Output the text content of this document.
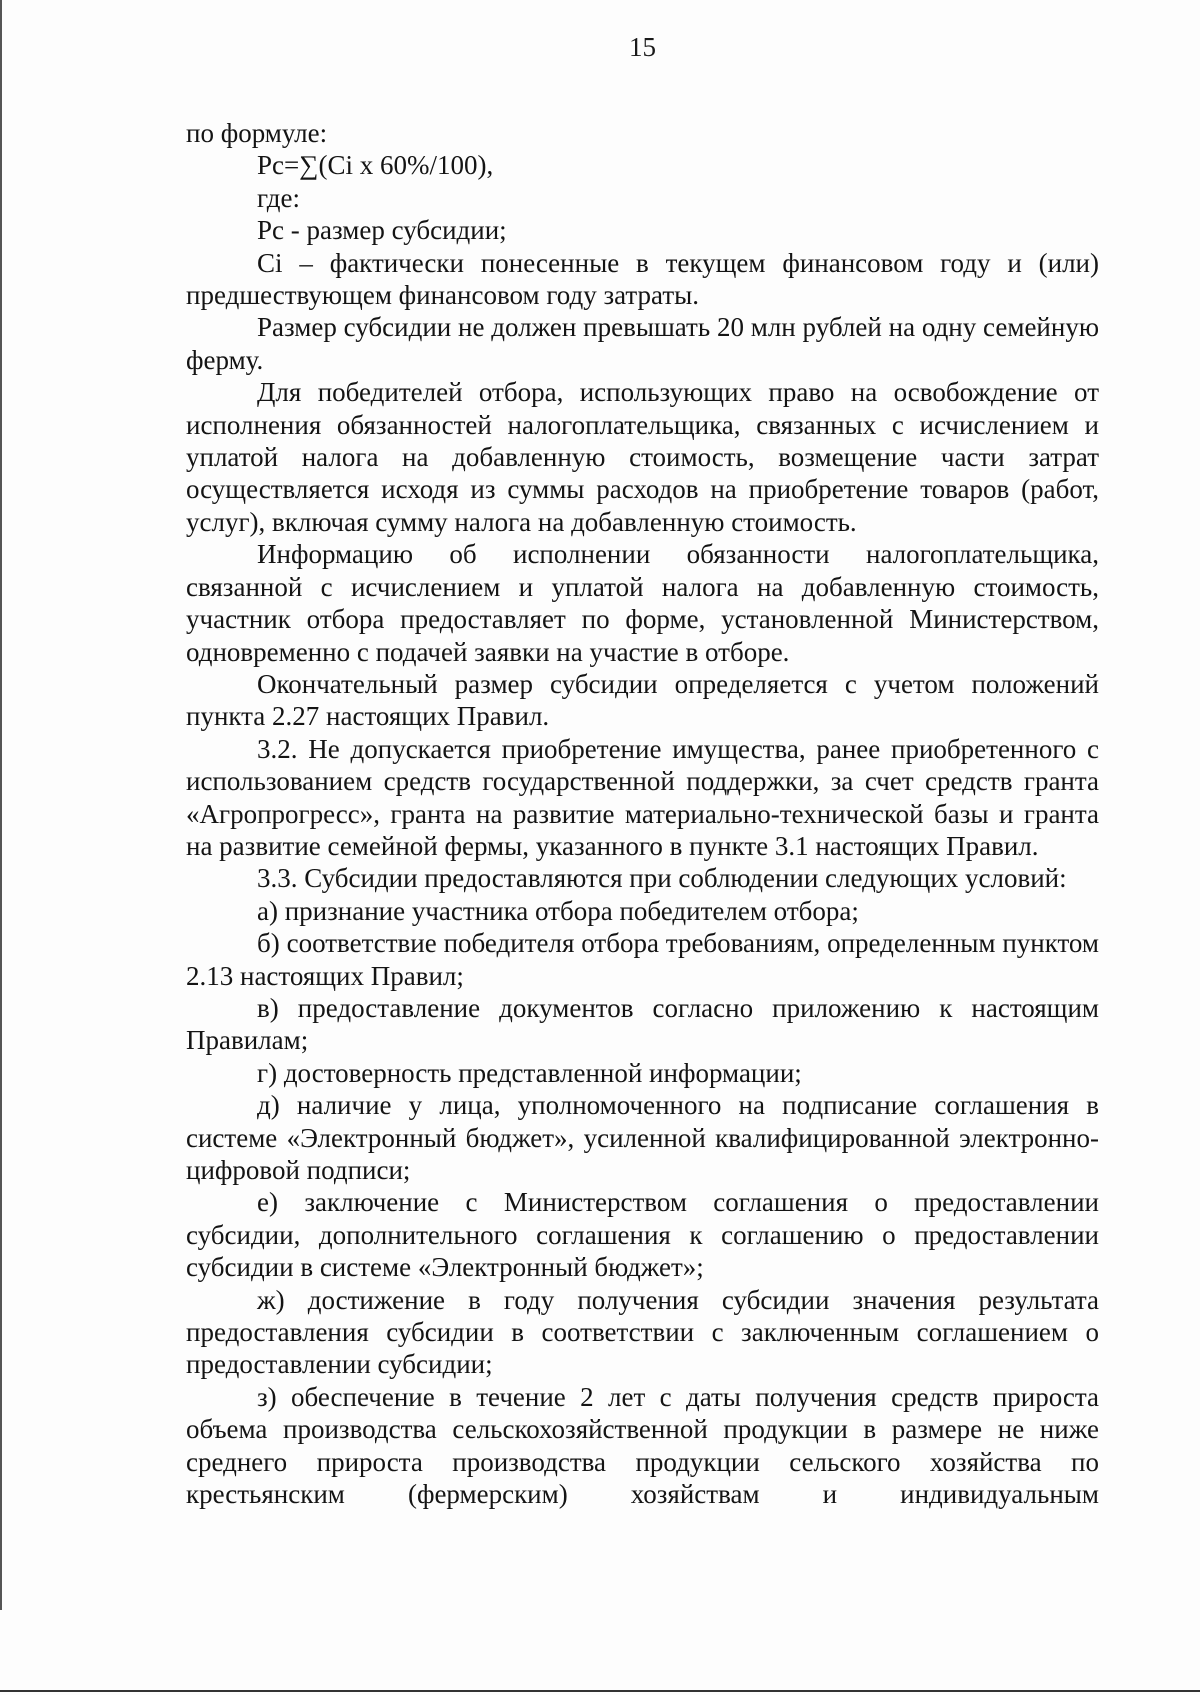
15

по формуле:

Рс=∑(Сi х 60%/100),

где:

Рс - размер субсидии;

Сi – фактически понесенные в текущем финансовом году и (или) предшествующем финансовом году затраты.

Размер субсидии не должен превышать 20 млн рублей на одну семейную ферму.

Для победителей отбора, использующих право на освобождение от исполнения обязанностей налогоплательщика, связанных с исчислением и уплатой налога на добавленную стоимость, возмещение части затрат осуществляется исходя из суммы расходов на приобретение товаров (работ, услуг), включая сумму налога на добавленную стоимость.

Информацию об исполнении обязанности налогоплательщика, связанной с исчислением и уплатой налога на добавленную стоимость, участник отбора предоставляет по форме, установленной Министерством, одновременно с подачей заявки на участие в отборе.

Окончательный размер субсидии определяется с учетом положений пункта 2.27 настоящих Правил.

3.2. Не допускается приобретение имущества, ранее приобретенного с использованием средств государственной поддержки, за счет средств гранта «Агропрогресс», гранта на развитие материально-технической базы и гранта на развитие семейной фермы, указанного в пункте 3.1 настоящих Правил.

3.3. Субсидии предоставляются при соблюдении следующих условий:

а) признание участника отбора победителем отбора;

б) соответствие победителя отбора требованиям, определенным пунктом 2.13 настоящих Правил;

в) предоставление документов согласно приложению к настоящим Правилам;

г) достоверность представленной информации;

д) наличие у лица, уполномоченного на подписание соглашения в системе «Электронный бюджет», усиленной квалифицированной электронно-цифровой подписи;

е) заключение с Министерством соглашения о предоставлении субсидии, дополнительного соглашения к соглашению о предоставлении субсидии в системе «Электронный бюджет»;

ж) достижение в году получения субсидии значения результата предоставления субсидии в соответствии с заключенным соглашением о предоставлении субсидии;

з) обеспечение в течение 2 лет с даты получения средств прироста объема производства сельскохозяйственной продукции в размере не ниже среднего прироста производства продукции сельского хозяйства по крестьянским (фермерским) хозяйствам и индивидуальным
